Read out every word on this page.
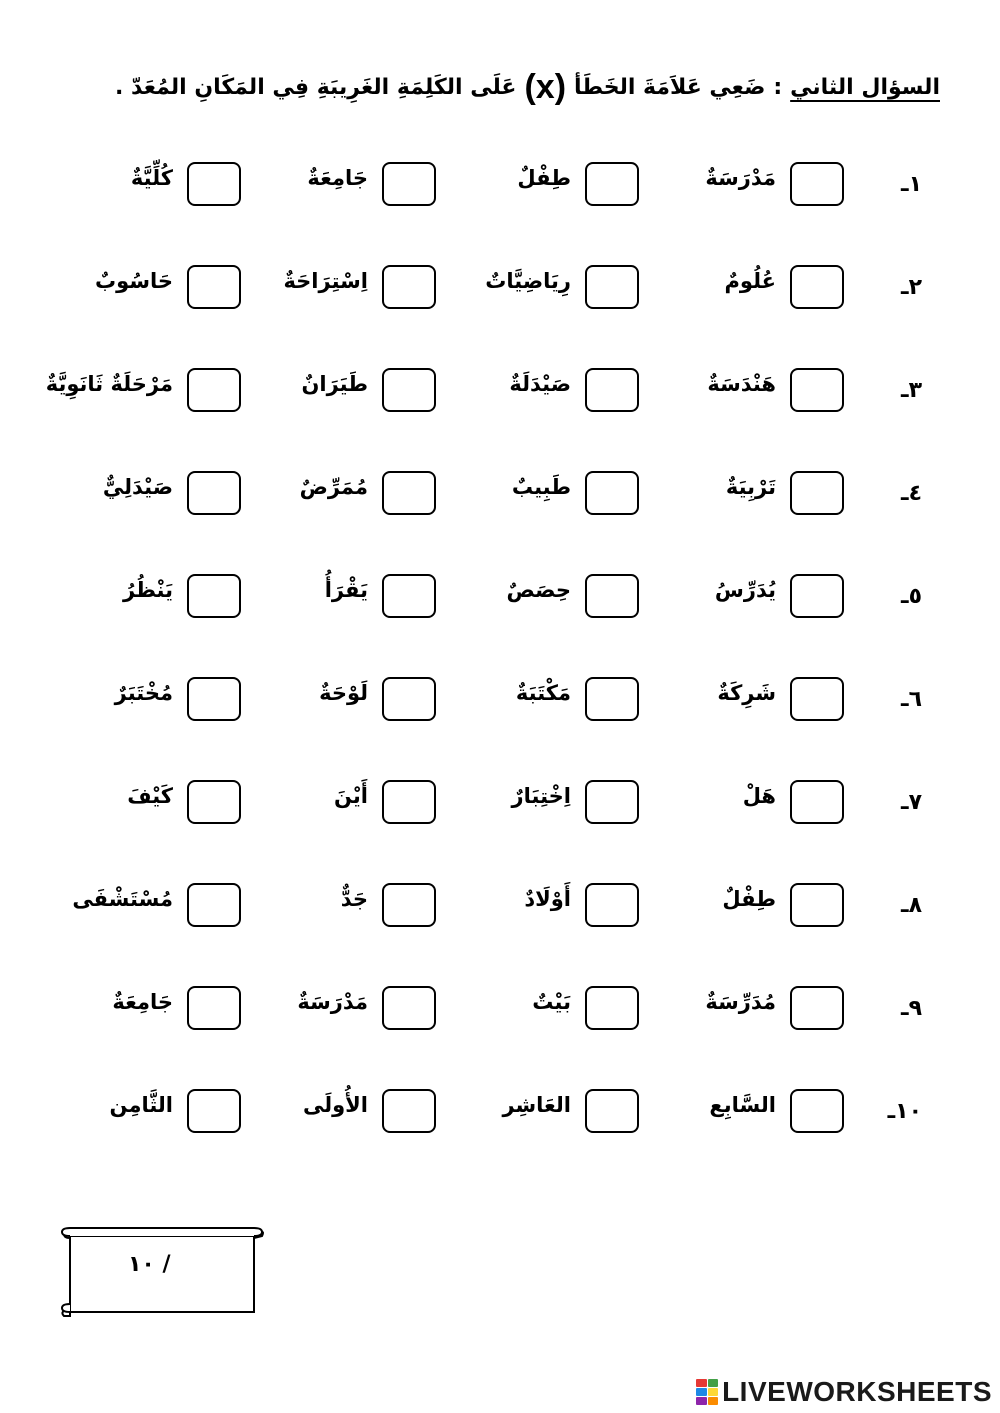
السؤال الثاني
:
ضَعِي عَلاَمَةَ الخَطَأ
(x)
عَلَى الكَلِمَةِ الغَرِيبَةِ فِي المَكَانِ المُعَدّ .
١ـ
مَدْرَسَةٌ
طِفْلٌ
جَامِعَةٌ
كُلِّيَّةٌ
٢ـ
عُلُومٌ
رِيَاضِيَّاتٌ
اِسْتِرَاحَةٌ
حَاسُوبٌ
٣ـ
هَنْدَسَةٌ
صَيْدَلَةٌ
طَيَرَانٌ
مَرْحَلَةٌ ثَانَوِيَّةٌ
٤ـ
تَرْبِيَةٌ
طَبِيبٌ
مُمَرِّضٌ
صَيْدَلِيٌّ
٥ـ
يُدَرِّسُ
حِصَصٌ
يَقْرَأُ
يَنْظُرُ
٦ـ
شَرِكَةٌ
مَكْتَبَةٌ
لَوْحَةٌ
مُخْتَبَرٌ
٧ـ
هَلْ
اِخْتِبَارٌ
أَيْنَ
كَيْفَ
٨ـ
طِفْلٌ
أَوْلَادٌ
جَدٌّ
مُسْتَشْفَى
٩ـ
مُدَرِّسَةٌ
بَيْتٌ
مَدْرَسَةٌ
جَامِعَةٌ
١٠ـ
السَّابِع
العَاشِر
الأُولَى
الثَّامِن
/ ١٠
LIVEWORKSHEETS
